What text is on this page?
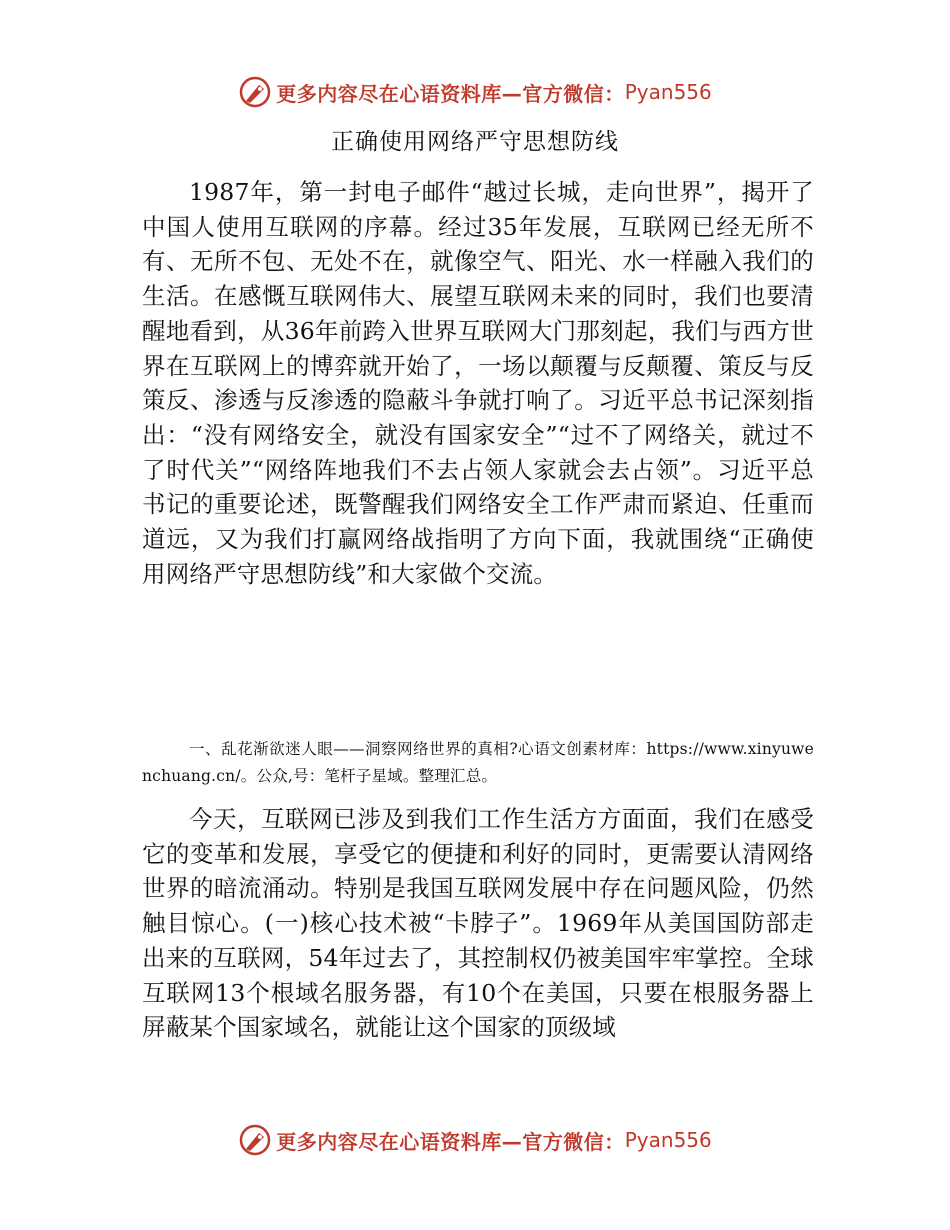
更多内容尽在心语资料库—官方微信： Pyan556
正确使用网络严守思想防线

1987年，第一封电子邮件“越过长城，走向世界”，揭开了中国人使用互联网的序幕。经过35年发展，互联网已经无所不有、无所不包、无处不在，就像空气、阳光、水一样融入我们的生活。在感慨互联网伟大、展望互联网未来的同时，我们也要清醒地看到，从36年前跨入世界互联网大门那刻起，我们与西方世界在互联网上的博弈就开始了，一场以颠覆与反颠覆、策反与反策反、渗透与反渗透的隐蔽斗争就打响了。习近平总书记深刻指出：“没有网络安全，就没有国家安全”“过不了网络关，就过不了时代关”“网络阵地我们不去占领人家就会去占领”。习近平总书记的重要论述，既警醒我们网络安全工作严肃而紧迫、任重而道远，又为我们打赢网络战指明了方向下面，我就围绕“正确使用网络严守思想防线”和大家做个交流。

一、乱花渐欲迷人眼——洞察网络世界的真相?心语文创素材库：https://www.xinyuwenchuang.cn/。公众,号：笔杆子星域。整理汇总。

今天，互联网已涉及到我们工作生活方方面面，我们在感受它的变革和发展，享受它的便捷和利好的同时，更需要认清网络世界的暗流涌动。特别是我国互联网发展中存在问题风险，仍然触目惊心。(一)核心技术被“卡脖子”。1969年从美国国防部走出来的互联网，54年过去了，其控制权仍被美国牢牢掌控。全球互联网13个根域名服务器，有10个在美国，只要在根服务器上屏蔽某个国家域名，就能让这个国家的顶级域

更多内容尽在心语资料库—官方微信： Pyan556
